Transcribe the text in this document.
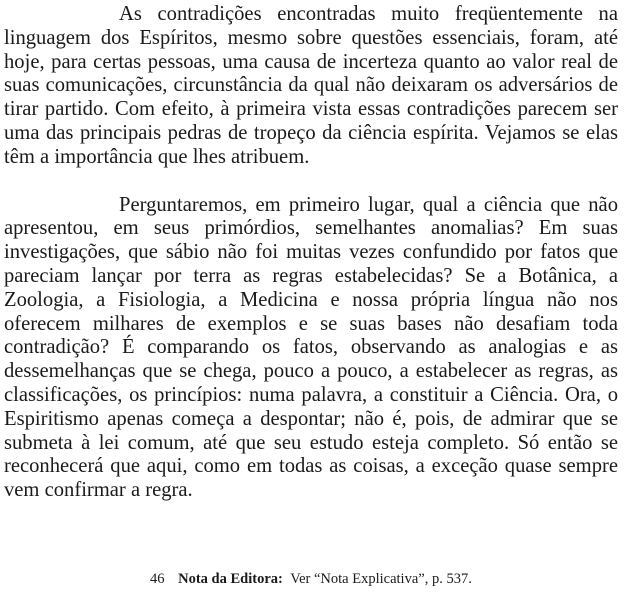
As contradições encontradas muito freqüentemente na linguagem dos Espíritos, mesmo sobre questões essenciais, foram, até hoje, para certas pessoas, uma causa de incerteza quanto ao valor real de suas comunicações, circunstância da qual não deixaram os adversários de tirar partido. Com efeito, à primeira vista essas contradições parecem ser uma das principais pedras de tropeço da ciência espírita. Vejamos se elas têm a importância que lhes atribuem.

Perguntaremos, em primeiro lugar, qual a ciência que não apresentou, em seus primórdios, semelhantes anomalias? Em suas investigações, que sábio não foi muitas vezes confundido por fatos que pareciam lançar por terra as regras estabelecidas? Se a Botânica, a Zoologia, a Fisiologia, a Medicina e nossa própria língua não nos oferecem milhares de exemplos e se suas bases não desafiam toda contradição? É comparando os fatos, observando as analogias e as dessemelhanças que se chega, pouco a pouco, a estabelecer as regras, as classificações, os princípios: numa palavra, a constituir a Ciência. Ora, o Espiritismo apenas começa a despontar; não é, pois, de admirar que se submeta à lei comum, até que seu estudo esteja completo. Só então se reconhecerá que aqui, como em todas as coisas, a exceção quase sempre vem confirmar a regra.

46 Nota da Editora: Ver “Nota Explicativa”, p. 537.
